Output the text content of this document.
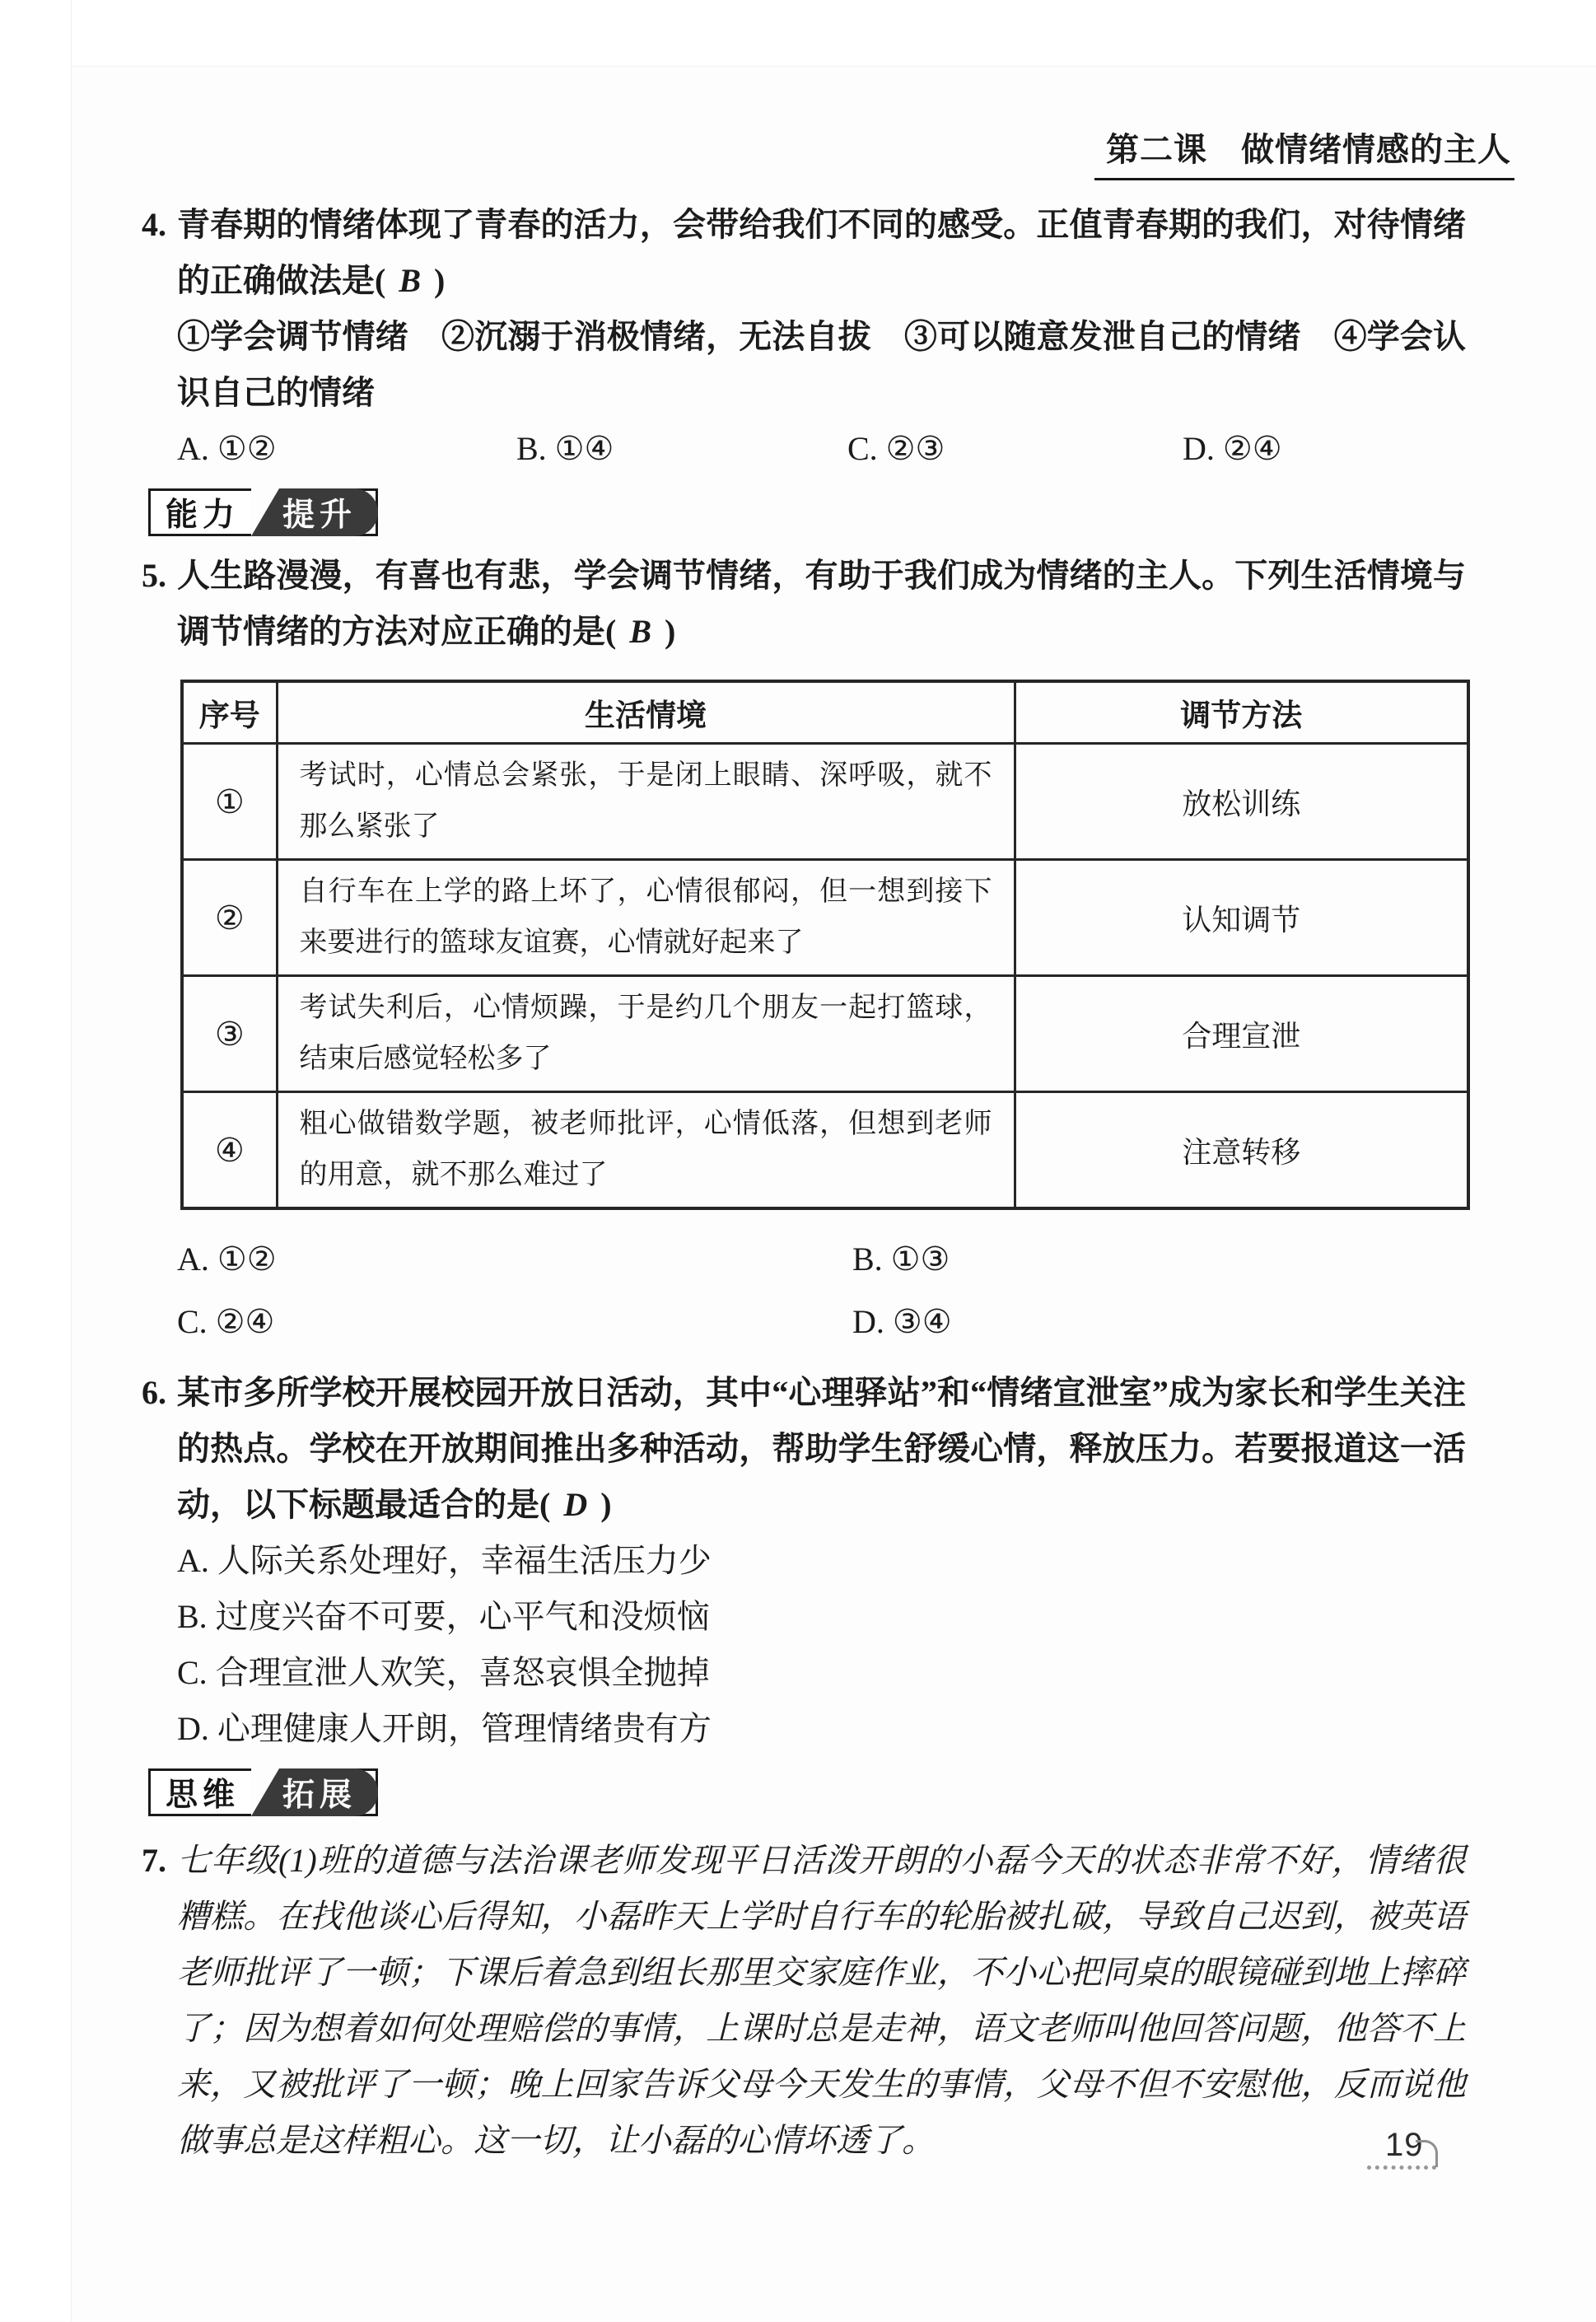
第二课　做情绪情感的主人
4. 青春期的情绪体现了青春的活力，会带给我们不同的感受。正值青春期的我们，对待情绪的正确做法是( B )

①学会调节情绪　②沉溺于消极情绪，无法自拔　③可以随意发泄自己的情绪　④学会认识自己的情绪

A. ①②	B. ①④	C. ②③	D. ②④
能力	提升
5. 人生路漫漫，有喜也有悲，学会调节情绪，有助于我们成为情绪的主人。下列生活情境与调节情绪的方法对应正确的是( B )

序号	生活情境	调节方法
①	考试时，心情总会紧张，于是闭上眼睛、深呼吸，就不那么紧张了	放松训练
②	自行车在上学的路上坏了，心情很郁闷，但一想到接下来要进行的篮球友谊赛，心情就好起来了	认知调节
③	考试失利后，心情烦躁，于是约几个朋友一起打篮球，结束后感觉轻松多了	合理宣泄
④	粗心做错数学题，被老师批评，心情低落，但想到老师的用意，就不那么难过了	注意转移
A. ①②	B. ①③
C. ②④	D. ③④
6. 某市多所学校开展校园开放日活动，其中“心理驿站”和“情绪宣泄室”成为家长和学生关注的热点。学校在开放期间推出多种活动，帮助学生舒缓心情，释放压力。若要报道这一活动，以下标题最适合的是( D )

A. 人际关系处理好，幸福生活压力少

B. 过度兴奋不可要，心平气和没烦恼

C. 合理宣泄人欢笑，喜怒哀惧全抛掉

D. 心理健康人开朗，管理情绪贵有方

思维	拓展
7. 七年级(1)班的道德与法治课老师发现平日活泼开朗的小磊今天的状态非常不好，情绪很糟糕。在找他谈心后得知，小磊昨天上学时自行车的轮胎被扎破，导致自己迟到，被英语老师批评了一顿；下课后着急到组长那里交家庭作业，不小心把同桌的眼镜碰到地上摔碎了；因为想着如何处理赔偿的事情，上课时总是走神，语文老师叫他回答问题，他答不上来，又被批评了一顿；晚上回家告诉父母今天发生的事情，父母不但不安慰他，反而说他做事总是这样粗心。这一切，让小磊的心情坏透了。	19
